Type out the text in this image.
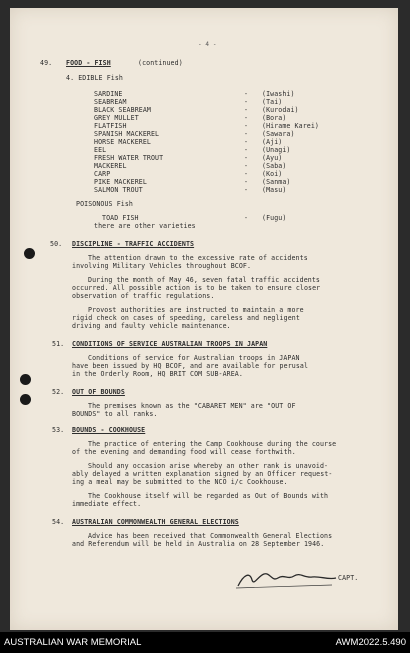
- 4 -
49. FOOD - FISH	(continued)
4. EDIBLE Fish
POISONOUS Fish
TOAD FISH	- (Fugu)
there are other varieties
50. DISCIPLINE - TRAFFIC ACCIDENTS
The attention drawn to the excessive rate of accidents
involving Military Vehicles throughout BCOF.
During the month of May 46, seven fatal traffic accidents
occurred. All possible action is to be taken to ensure closer
observation of traffic regulations.
Provost authorities are instructed to maintain a more
rigid check on cases of speeding, careless and negligent
driving and faulty vehicle maintenance.
51. CONDITIONS OF SERVICE AUSTRALIAN TROOPS IN JAPAN
Conditions of service for Australian troops in JAPAN
have been issued by HQ BCOF, and are available for perusal
in the Orderly Room, HQ BRIT COM SUB-AREA.
52. OUT OF BOUNDS
The premises known as the "CABARET MEN" are "OUT OF
BOUNDS" to all ranks.
53. BOUNDS - COOKHOUSE
The practice of entering the Camp Cookhouse during the course
of the evening and demanding food will cease forthwith.
Should any occasion arise whereby an other rank is unavoid-
ably delayed a written explanation signed by an Officer request-
ing a meal may be submitted to the NCO i/c Cookhouse.
The Cookhouse itself will be regarded as Out of Bounds with
immediate effect.
54. AUSTRALIAN COMMONWEALTH GENERAL ELECTIONS
Advice has been received that Commonwealth General Elections
and Referendum will be held in Australia on 28 September 1946.
CAPT.
SARDINE	- (Iwashi)
SEABREAM	- (Tai)
BLACK SEABREAM	- (Kurodai)
GREY MULLET	- (Bora)
FLATFISH	- (Hirame Karei)
SPANISH MACKEREL	- (Sawara)
HORSE MACKEREL	- (Aji)
EEL	- (Unagi)
FRESH WATER TROUT	- (Ayu)
MACKEREL	- (Saba)
CARP	- (Koi)
PIKE MACKEREL	- (Sanma)
SALMON TROUT	- (Masu)
AUSTRALIAN WAR MEMORIAL	AWM2022.5.490
